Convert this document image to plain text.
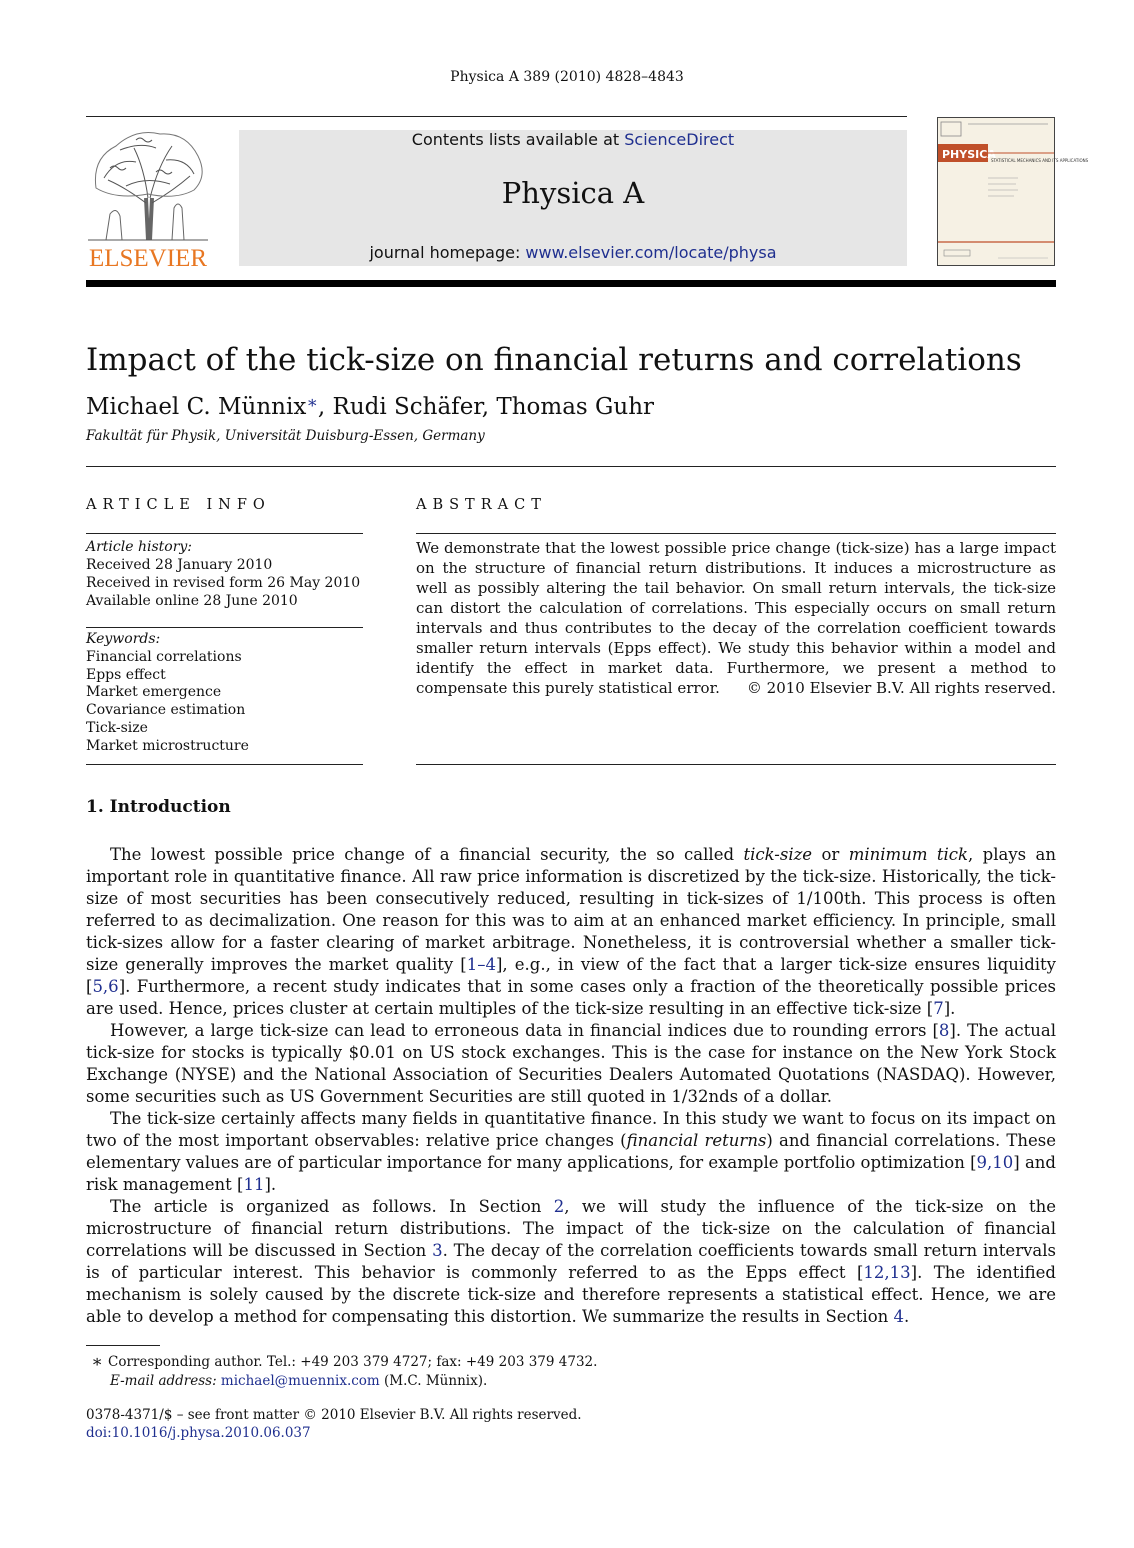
Physica A 389 (2010) 4828–4843
ELSEVIER
Contents lists available at ScienceDirect
Physica A
journal homepage: www.elsevier.com/locate/physa
PHYSICA
STATISTICAL MECHANICS AND ITS APPLICATIONS
Impact of the tick-size on financial returns and correlations
Michael C. Münnix∗, Rudi Schäfer, Thomas Guhr
Fakultät für Physik, Universität Duisburg-Essen, Germany
ARTICLE INFO	ABSTRACT
Article history:
Received 28 January 2010
Received in revised form 26 May 2010
Available online 28 June 2010
Keywords:
Financial correlations
Epps effect
Market emergence
Covariance estimation
Tick-size
Market microstructure
We demonstrate that the lowest possible price change (tick-size) has a large impact on the structure of financial return distributions. It induces a microstructure as well as possibly altering the tail behavior. On small return intervals, the tick-size can distort the calculation of correlations. This especially occurs on small return intervals and thus contributes to the decay of the correlation coefficient towards smaller return intervals (Epps effect). We study this behavior within a model and identify the effect in market data. Furthermore, we present a method to compensate this purely statistical error.	© 2010 Elsevier B.V. All rights reserved.
1. Introduction

The lowest possible price change of a financial security, the so called tick-size or minimum tick, plays an important role in quantitative finance. All raw price information is discretized by the tick-size. Historically, the tick-size of most securities has been consecutively reduced, resulting in tick-sizes of 1/100th. This process is often referred to as decimalization. One reason for this was to aim at an enhanced market efficiency. In principle, small tick-sizes allow for a faster clearing of market arbitrage. Nonetheless, it is controversial whether a smaller tick-size generally improves the market quality [1–4], e.g., in view of the fact that a larger tick-size ensures liquidity [5,6]. Furthermore, a recent study indicates that in some cases only a fraction of the theoretically possible prices are used. Hence, prices cluster at certain multiples of the tick-size resulting in an effective tick-size [7].

However, a large tick-size can lead to erroneous data in financial indices due to rounding errors [8]. The actual tick-size for stocks is typically $0.01 on US stock exchanges. This is the case for instance on the New York Stock Exchange (NYSE) and the National Association of Securities Dealers Automated Quotations (NASDAQ). However, some securities such as US Government Securities are still quoted in 1/32nds of a dollar.

The tick-size certainly affects many fields in quantitative finance. In this study we want to focus on its impact on two of the most important observables: relative price changes (financial returns) and financial correlations. These elementary values are of particular importance for many applications, for example portfolio optimization [9,10] and risk management [11].

The article is organized as follows. In Section 2, we will study the influence of the tick-size on the microstructure of financial return distributions. The impact of the tick-size on the calculation of financial correlations will be discussed in Section 3. The decay of the correlation coefficients towards small return intervals is of particular interest. This behavior is commonly referred to as the Epps effect [12,13]. The identified mechanism is solely caused by the discrete tick-size and therefore represents a statistical effect. Hence, we are able to develop a method for compensating this distortion. We summarize the results in Section 4.

∗ Corresponding author. Tel.: +49 203 379 4727; fax: +49 203 379 4732.
E-mail address: michael@muennix.com (M.C. Münnix).
0378-4371/$ – see front matter © 2010 Elsevier B.V. All rights reserved.
doi:10.1016/j.physa.2010.06.037
